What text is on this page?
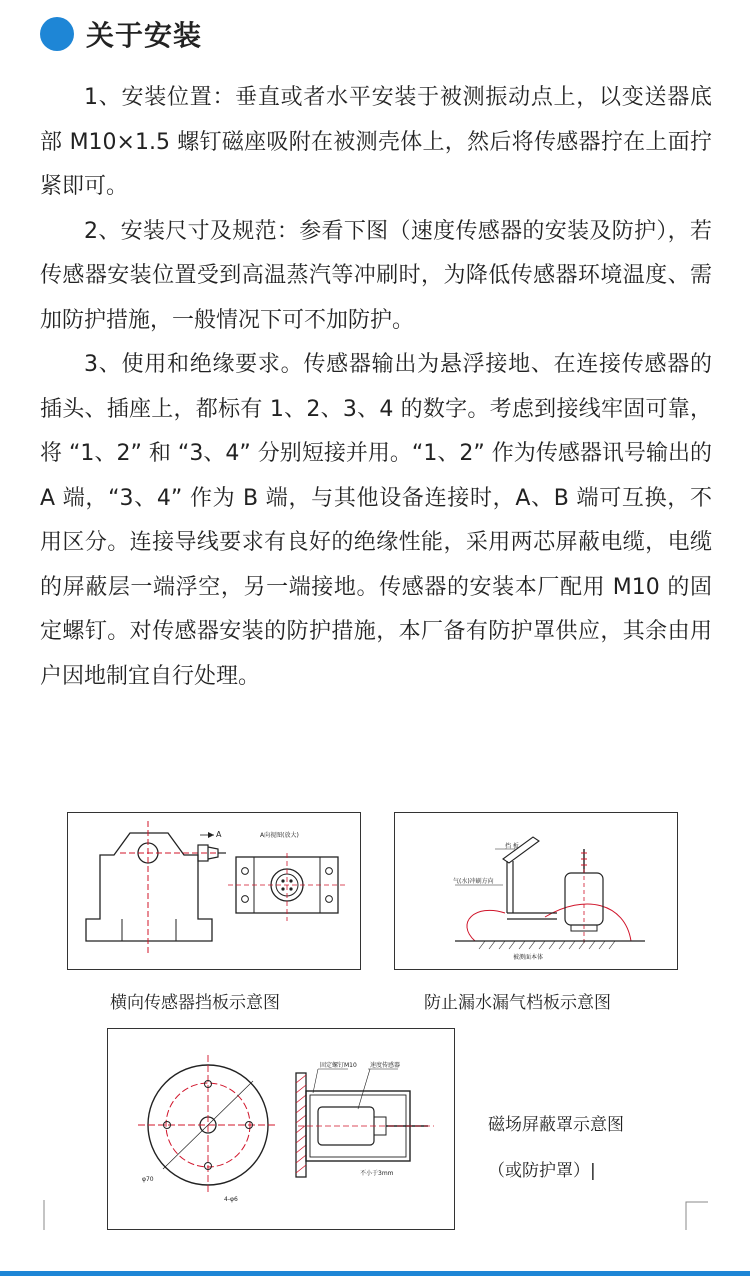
关于安装

1、安装位置：垂直或者水平安装于被测振动点上，以变送器底部 M10×1.5 螺钉磁座吸附在被测壳体上，然后将传感器拧在上面拧紧即可。

2、安装尺寸及规范：参看下图（速度传感器的安装及防护），若传感器安装位置受到高温蒸汽等冲刷时，为降低传感器环境温度、需加防护措施，一般情况下可不加防护。

3、使用和绝缘要求。传感器输出为悬浮接地、在连接传感器的插头、插座上，都标有 1、2、3、4 的数字。考虑到接线牢固可靠，将 “1、2” 和 “3、4” 分别短接并用。“1、2” 作为传感器讯号输出的 A 端，“3、4” 作为 B 端，与其他设备连接时，A、B 端可互换，不用区分。连接导线要求有良好的绝缘性能，采用两芯屏蔽电缆，电缆的屏蔽层一端浮空，另一端接地。传感器的安装本厂配用 M10 的固定螺钉。对传感器安装的防护措施，本厂备有防护罩供应，其余由用户因地制宜自行处理。

A	A向视图(放大)
横向传感器挡板示意图
挡 板
气(水)冲刷方向
被测面本体
防止漏水漏气档板示意图
φ70
4-φ6
固定螺钉M10 速度传感器
不小于3mm
磁场屏蔽罩示意图
（或防护罩）|
